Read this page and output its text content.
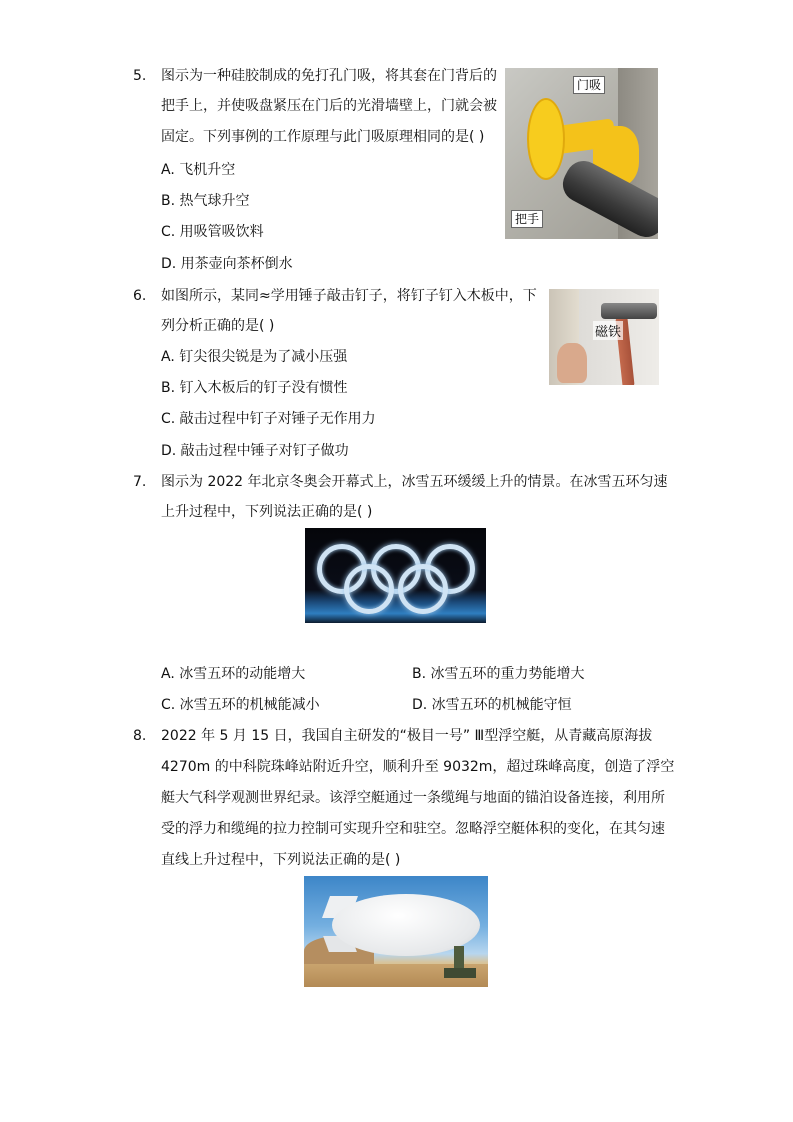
5. 图示为一种硅胶制成的免打孔门吸，将其套在门背后的
把手上，并使吸盘紧压在门后的光滑墙壁上，门就会被
固定。下列事例的工作原理与此门吸原理相同的是( )
A. 飞机升空
B. 热气球升空
C. 用吸管吸饮料
D. 用茶壶向茶杯倒水
门吸
把手
6. 如图所示，某同≈学用锤子敲击钉子，将钉子钉入木板中，下
列分析正确的是( )
A. 钉尖很尖锐是为了减小压强
B. 钉入木板后的钉子没有惯性
C. 敲击过程中钉子对锤子无作用力
D. 敲击过程中锤子对钉子做功
磁铁
7. 图示为 2022 年北京冬奥会开幕式上，冰雪五环缓缓上升的情景。在冰雪五环匀速
上升过程中，下列说法正确的是( )
A. 冰雪五环的动能增大	B. 冰雪五环的重力势能增大
C. 冰雪五环的机械能减小	D. 冰雪五环的机械能守恒
8. 2022 年 5 月 15 日，我国自主研发的“极目一号” Ⅲ型浮空艇，从青藏高原海拔
4270m 的中科院珠峰站附近升空，顺利升至 9032m，超过珠峰高度，创造了浮空
艇大气科学观测世界纪录。该浮空艇通过一条缆绳与地面的锚泊设备连接，利用所
受的浮力和缆绳的拉力控制可实现升空和驻空。忽略浮空艇体积的变化，在其匀速
直线上升过程中，下列说法正确的是( )
